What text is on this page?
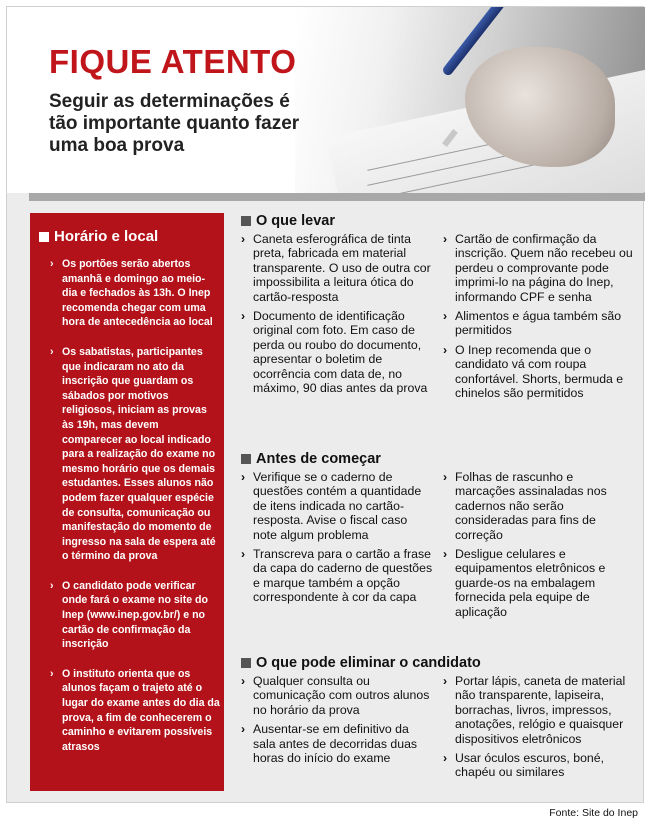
FIQUE ATENTO
Seguir as determinações é tão importante quanto fazer uma boa prova
Horário e local
› Os portões serão abertos amanhã e domingo ao meio-dia e fechados às 13h. O Inep recomenda chegar com uma hora de antecedência ao local
› Os sabatistas, participantes que indicaram no ato da inscrição que guardam os sábados por motivos religiosos, iniciam as provas às 19h, mas devem comparecer ao local indicado para a realização do exame no mesmo horário que os demais estudantes. Esses alunos não podem fazer qualquer espécie de consulta, comunicação ou manifestação do momento de ingresso na sala de espera até o término da prova
› O candidato pode verificar onde fará o exame no site do Inep (www.inep.gov.br/) e no cartão de confirmação da inscrição
› O instituto orienta que os alunos façam o trajeto até o lugar do exame antes do dia da prova, a fim de conhecerem o caminho e evitarem possíveis atrasos
O que levar
› Caneta esferográfica de tinta preta, fabricada em material transparente. O uso de outra cor impossibilita a leitura ótica do cartão-resposta
› Documento de identificação original com foto. Em caso de perda ou roubo do documento, apresentar o boletim de ocorrência com data de, no máximo, 90 dias antes da prova
› Cartão de confirmação da inscrição. Quem não recebeu ou perdeu o comprovante pode imprimi-lo na página do Inep, informando CPF e senha
› Alimentos e água também são permitidos
› O Inep recomenda que o candidato vá com roupa confortável. Shorts, bermuda e chinelos são permitidos
Antes de começar
› Verifique se o caderno de questões contém a quantidade de itens indicada no cartão-resposta. Avise o fiscal caso note algum problema
› Transcreva para o cartão a frase da capa do caderno de questões e marque também a opção correspondente à cor da capa
› Folhas de rascunho e marcações assinaladas nos cadernos não serão consideradas para fins de correção
› Desligue celulares e equipamentos eletrônicos e guarde-os na embalagem fornecida pela equipe de aplicação
O que pode eliminar o candidato
› Qualquer consulta ou comunicação com outros alunos no horário da prova
› Ausentar-se em definitivo da sala antes de decorridas duas horas do início do exame
› Portar lápis, caneta de material não transparente, lapiseira, borrachas, livros, impressos, anotações, relógio e quaisquer dispositivos eletrônicos
› Usar óculos escuros, boné, chapéu ou similares
Fonte: Site do Inep
